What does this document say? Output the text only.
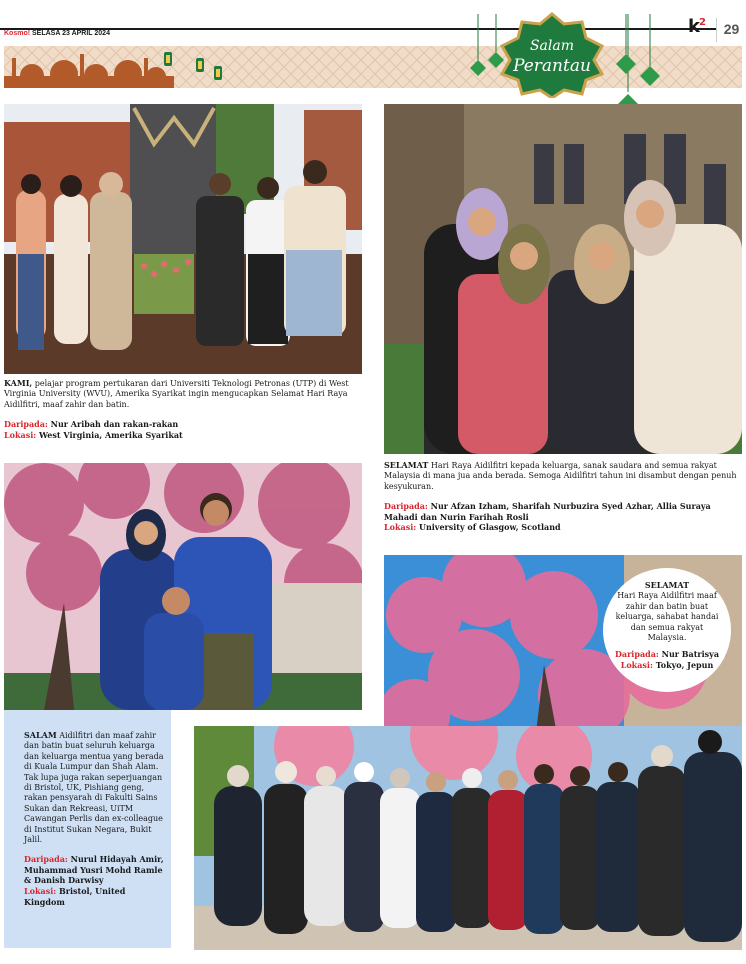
Kosmo! SELASA 23 APRIL 2024	$k^2$	29
Salam
Perantau

KAMI, pelajar program pertukaran dari Universiti Teknologi Petronas (UTP) di West Virginia University (WVU), Amerika Syarikat ingin mengucapkan Selamat Hari Raya Aidilfitri, maaf zahir dan batin.

Daripada: Nur Aribah dan rakan-rakan

Lokasi: West Virginia, Amerika Syarikat

SELAMAT Hari Raya Aidilfitri kepada keluarga, sanak saudara and semua rakyat Malaysia di mana jua anda berada. Semoga Aidilfitri tahun ini disambut dengan penuh kesyukuran.

Daripada: Nur Afzan Izham, Sharifah Nurbuzira Syed Azhar, Allia Suraya Mahadi dan Nurin Farihah Rosli

Lokasi: University of Glasgow, Scotland

SALAM Aidilfitri dan maaf zahir dan batin buat seluruh keluarga dan keluarga mentua yang berada di Kuala Lumpur dan Shah Alam. Tak lupa juga rakan seperjuangan di Bristol, UK, Pishiang geng, rakan pensyarah di Fakulti Sains Sukan dan Rekreasi, UiTM Cawangan Perlis dan ex-colleague di Institut Sukan Negara, Bukit Jalil.

Daripada: Nurul Hidayah Amir, Muhammad Yusri Mohd Ramle & Danish Darwisy

Lokasi: Bristol, United Kingdom

SELAMAT

Hari Raya Aidilfitri maaf zahir dan batin buat keluarga, sahabat handai dan semua rakyat Malaysia.

Daripada: Nur Batrisya

Lokasi: Tokyo, Jepun
